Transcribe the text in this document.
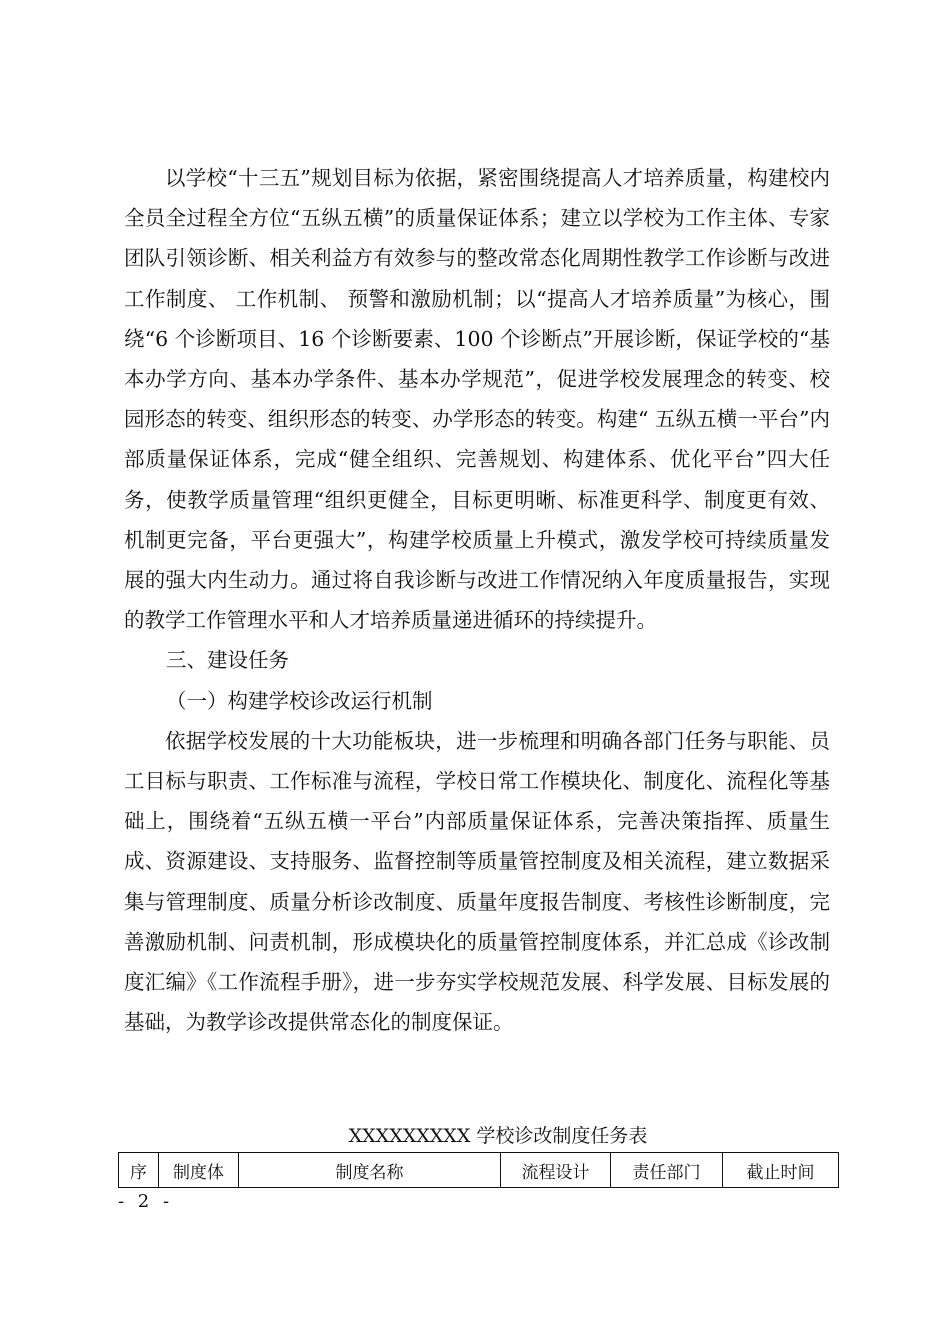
以学校“十三五”规划目标为依据，紧密围绕提高人才培养质量，构建校内全员全过程全方位“五纵五横”的质量保证体系；建立以学校为工作主体、专家团队引领诊断、相关利益方有效参与的整改常态化周期性教学工作诊断与改进工作制度、 工作机制、 预警和激励机制；以“提高人才培养质量”为核心，围绕“6 个诊断项目、16 个诊断要素、100 个诊断点”开展诊断，保证学校的“基本办学方向、基本办学条件、基本办学规范”，促进学校发展理念的转变、校园形态的转变、组织形态的转变、办学形态的转变。构建“ 五纵五横一平台”内部质量保证体系，完成“健全组织、完善规划、构建体系、优化平台”四大任务，使教学质量管理“组织更健全，目标更明晰、标准更科学、制度更有效、机制更完备，平台更强大”，构建学校质量上升模式，激发学校可持续质量发展的强大内生动力。通过将自我诊断与改进工作情况纳入年度质量报告，实现的教学工作管理水平和人才培养质量递进循环的持续提升。

三、建设任务

（一）构建学校诊改运行机制

依据学校发展的十大功能板块，进一步梳理和明确各部门任务与职能、员工目标与职责、工作标准与流程，学校日常工作模块化、制度化、流程化等基础上，围绕着“五纵五横一平台”内部质量保证体系，完善决策指挥、质量生成、资源建设、支持服务、监督控制等质量管控制度及相关流程，建立数据采集与管理制度、质量分析诊改制度、质量年度报告制度、考核性诊断制度，完善激励机制、问责机制，形成模块化的质量管控制度体系，并汇总成《诊改制度汇编》《工作流程手册》，进一步夯实学校规范发展、科学发展、目标发展的基础，为教学诊改提供常态化的制度保证。

XXXXXXXXX 学校诊改制度任务表
序	制度体	制度名称	流程设计	责任部门	截止时间
- 2 -
